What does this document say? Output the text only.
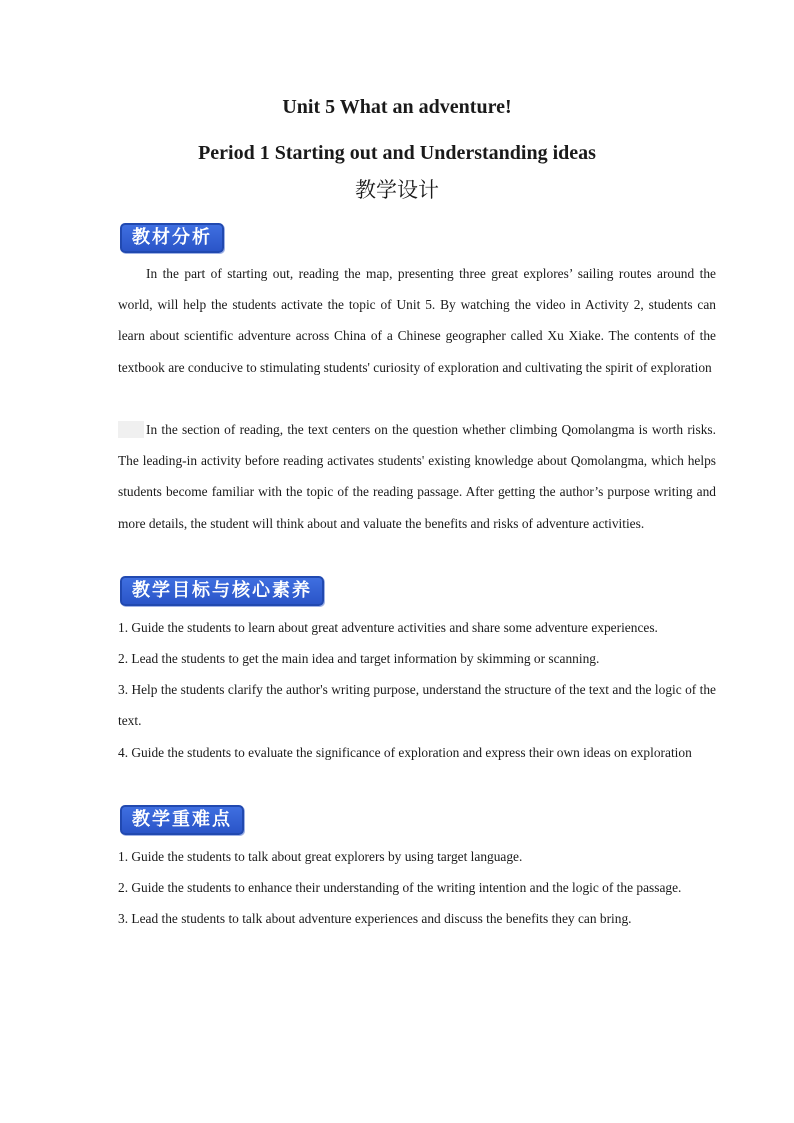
Unit 5 What an adventure!
Period 1 Starting out and Understanding ideas
教学设计
教材分析
In the part of starting out, reading the map, presenting three great explores’ sailing routes around the world, will help the students activate the topic of Unit 5. By watching the video in Activity 2, students can learn about scientific adventure across China of a Chinese geographer called Xu Xiake. The contents of the textbook are conducive to stimulating students' curiosity of exploration and cultivating the spirit of exploration
In the section of reading, the text centers on the question whether climbing Qomolangma is worth risks. The leading-in activity before reading activates students' existing knowledge about Qomolangma, which helps students become familiar with the topic of the reading passage. After getting the author’s purpose writing and more details, the student will think about and valuate the benefits and risks of adventure activities.
教学目标与核心素养
1. Guide the students to learn about great adventure activities and share some adventure experiences.
2. Lead the students to get the main idea and target information by skimming or scanning.
3. Help the students clarify the author's writing purpose, understand the structure of the text and the logic of the text.
4. Guide the students to evaluate the significance of exploration and express their own ideas on exploration
教学重难点
1. Guide the students to talk about great explorers by using target language.
2. Guide the students to enhance their understanding of the writing intention and the logic of the passage.
3. Lead the students to talk about adventure experiences and discuss the benefits they can bring.
